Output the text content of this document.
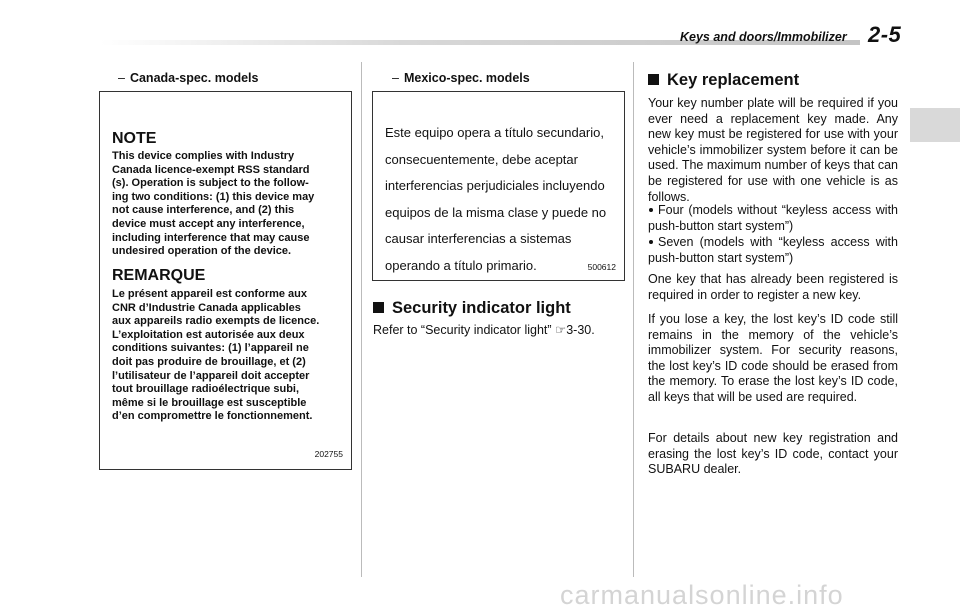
Keys and doors/Immobilizer 2-5
– Canada-spec. models
NOTE
This device complies with Industry
Canada licence-exempt RSS standard
(s). Operation is subject to the follow-
ing two conditions: (1) this device may
not cause interference, and (2) this
device must accept any interference,
including interference that may cause
undesired operation of the device.
REMARQUE
Le présent appareil est conforme aux
CNR d’Industrie Canada applicables
aux appareils radio exempts de licence.
L’exploitation est autorisée aux deux
conditions suivantes: (1) l’appareil ne
doit pas produire de brouillage, et (2)
l’utilisateur de l’appareil doit accepter
tout brouillage radioélectrique subi,
même si le brouillage est susceptible
d’en compromettre le fonctionnement.
202755
– Mexico-spec. models
Este equipo opera a título secundario,
consecuentemente, debe aceptar
interferencias perjudiciales incluyendo
equipos de la misma clase y puede no
causar interferencias a sistemas
operando a título primario.	500612
Security indicator light
Refer to “Security indicator light” ☞3-30.
Key replacement
Your key number plate will be required if you ever need a replacement key made. Any new key must be registered for use with your vehicle’s immobilizer system before it can be used. The maximum number of keys that can be registered for use with one vehicle is as follows.
Four (models without “keyless access with push-button start system”)
Seven (models with “keyless access with push-button start system”)
One key that has already been registered is required in order to register a new key.
If you lose a key, the lost key’s ID code still remains in the memory of the vehicle’s immobilizer system. For security reasons, the lost key’s ID code should be erased from the memory. To erase the lost key’s ID code, all keys that will be used are required.
For details about new key registration and erasing the lost key’s ID code, contact your SUBARU dealer.
carmanualsonline.info
